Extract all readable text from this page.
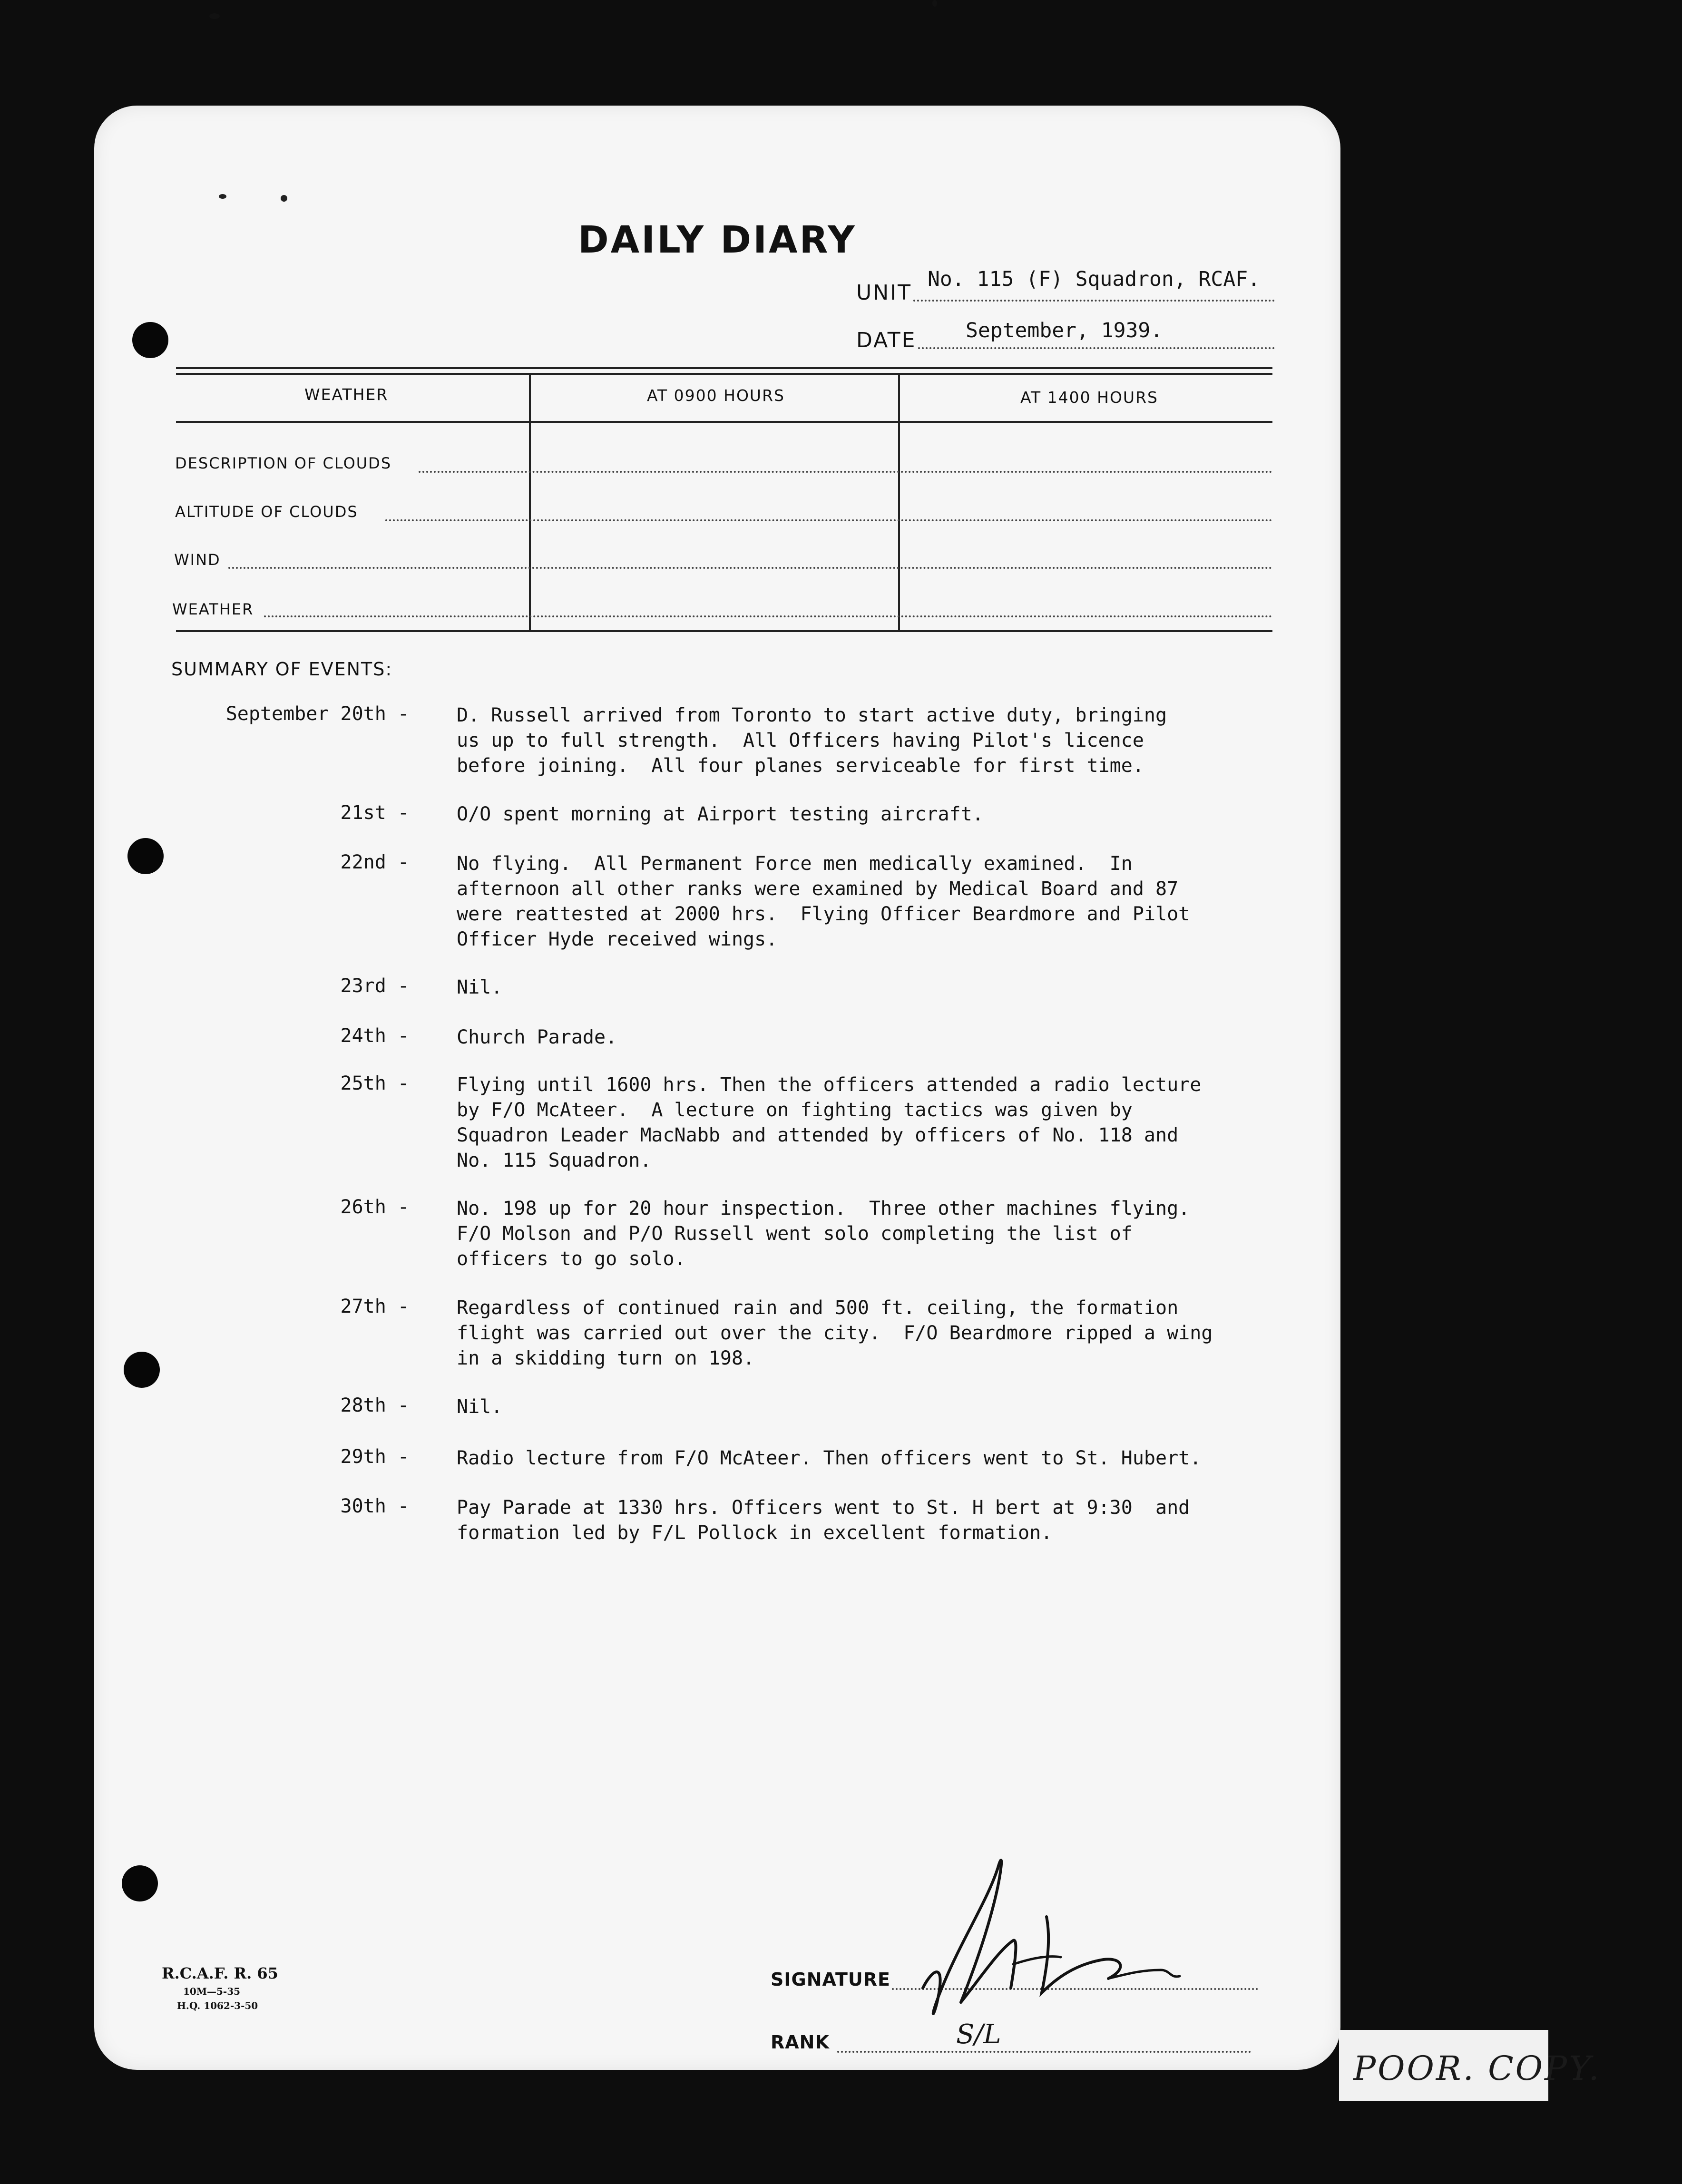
DAILY DIARY
UNIT
No. 115 (F) Squadron, RCAF.
DATE September, 1939.
WEATHER	AT 0900 HOURS	AT 1400 HOURS
DESCRIPTION OF CLOUDS
ALTITUDE OF CLOUDS
WIND
WEATHER
SUMMARY OF EVENTS:
September 20th -	D. Russell arrived from Toronto to start active duty, bringing
us up to full strength.  All Officers having Pilot's licence
before joining.  All four planes serviceable for first time.
21st -	O/O spent morning at Airport testing aircraft.
22nd -	No flying.  All Permanent Force men medically examined.  In
afternoon all other ranks were examined by Medical Board and 87
were reattested at 2000 hrs.  Flying Officer Beardmore and Pilot
Officer Hyde received wings.
23rd -	Nil.
24th -	Church Parade.
25th -	Flying until 1600 hrs. Then the officers attended a radio lecture
by F/O McAteer.  A lecture on fighting tactics was given by
Squadron Leader MacNabb and attended by officers of No. 118 and
No. 115 Squadron.
26th -	No. 198 up for 20 hour inspection.  Three other machines flying.
F/O Molson and P/O Russell went solo completing the list of
officers to go solo.
27th -	Regardless of continued rain and 500 ft. ceiling, the formation
flight was carried out over the city.  F/O Beardmore ripped a wing
in a skidding turn on 198.
28th -	Nil.
29th -	Radio lecture from F/O McAteer. Then officers went to St. Hubert.
30th -	Pay Parade at 1330 hrs. Officers went to St. H bert at 9:30  and
formation led by F/L Pollock in excellent formation.
R.C.A.F. R. 65
10M—5-35
H.Q. 1062-3-50
SIGNATURE
RANK	S/L
POOR. COPY.
